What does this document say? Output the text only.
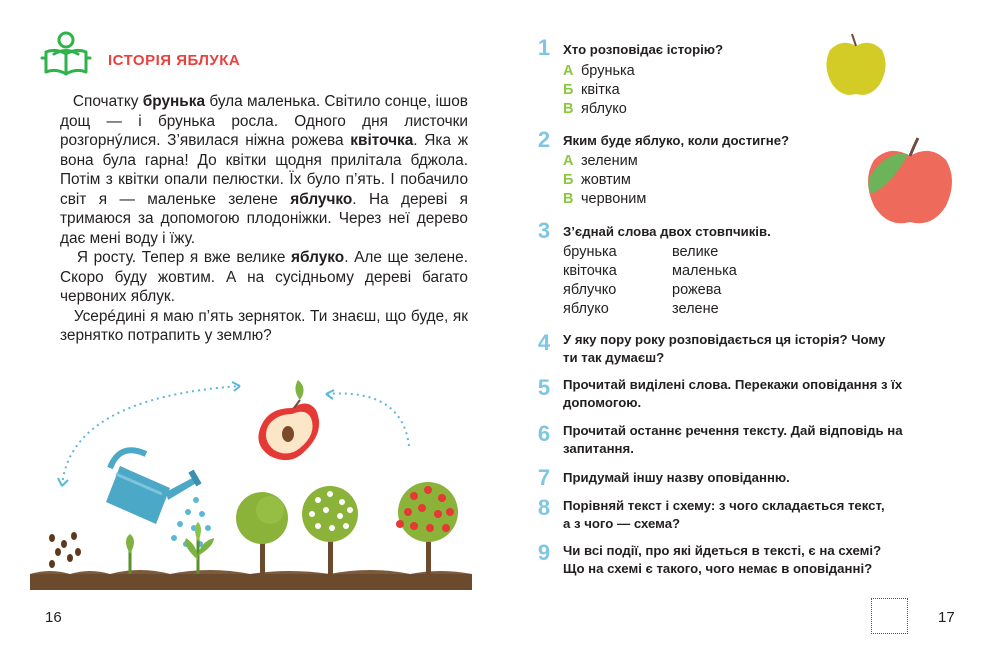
ІСТОРІЯ ЯБЛУКА

Спочатку брунька була маленька. Світило сонце, ішов дощ — і брунька росла. Одного дня листочки розгорнýлися. З’явилася ніжна рожева квіточка. Яка ж вона була гарна! До квітки щодня прилітала бджола. Потім з квітки опали пелюстки. Їх було п’ять. І побачило світ я — маленьке зелене яблучко. На дереві я тримаюся за допомогою плодоніжки. Через неї дерево дає мені воду і їжу.

Я росту. Тепер я вже велике яблуко. Але ще зелене. Скоро буду жовтим. А на сусідньому дереві багато червоних яблук.

Усерéдині я маю п’ять зерняток. Ти знаєш, що буде, як зернятко потрапить у землю?

16
1 Хто розповідає історію?
А брунька
Б квітка
В яблуко
2 Яким буде яблуко, коли достигне?
А зеленим
Б жовтим
В червоним
3 З’єднай слова двох стовпчиків.
брунька
квіточка
яблучко
яблуко
велике
маленька
рожева
зелене
4 У яку пору року розповідається ця історія? Чому
ти так думаєш?
5 Прочитай виділені слова. Перекажи оповідання з їх
допомогою.
6 Прочитай останнє речення тексту. Дай відповідь на
запитання.
7 Придумай іншу назву оповіданню.
8 Порівняй текст і схему: з чого складається текст,
а з чого — схема?
9 Чи всі події, про які йдеться в тексті, є на схемі?
Що на схемі є такого, чого немає в оповіданні?
17
